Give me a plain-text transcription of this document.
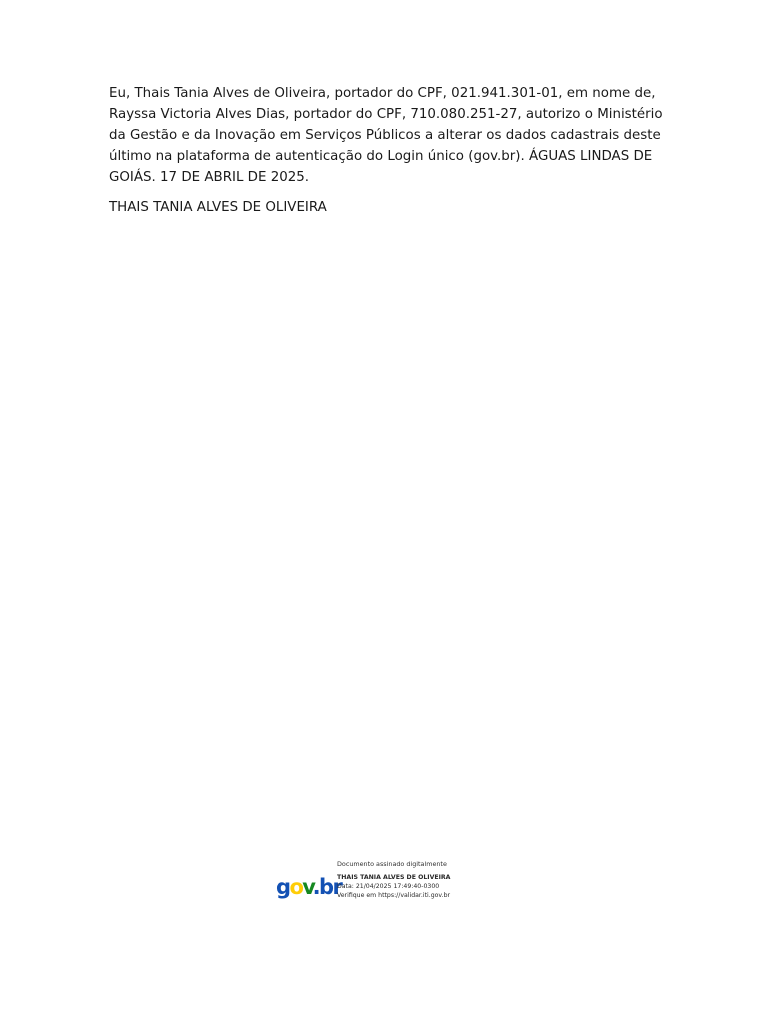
Eu, Thais Tania Alves de Oliveira, portador do CPF, 021.941.301-01, em nome de, Rayssa Victoria Alves Dias, portador do CPF, 710.080.251-27, autorizo o Ministério da Gestão e da Inovação em Serviços Públicos a alterar os dados cadastrais deste último na plataforma de autenticação do Login único (gov.br). ÁGUAS LINDAS DE GOIÁS. 17 DE ABRIL DE 2025.

THAIS TANIA ALVES DE OLIVEIRA

gov.br
Documento assinado digitalmente
THAIS TANIA ALVES DE OLIVEIRA
Data: 21/04/2025 17:49:40-0300
Verifique em https://validar.iti.gov.br
